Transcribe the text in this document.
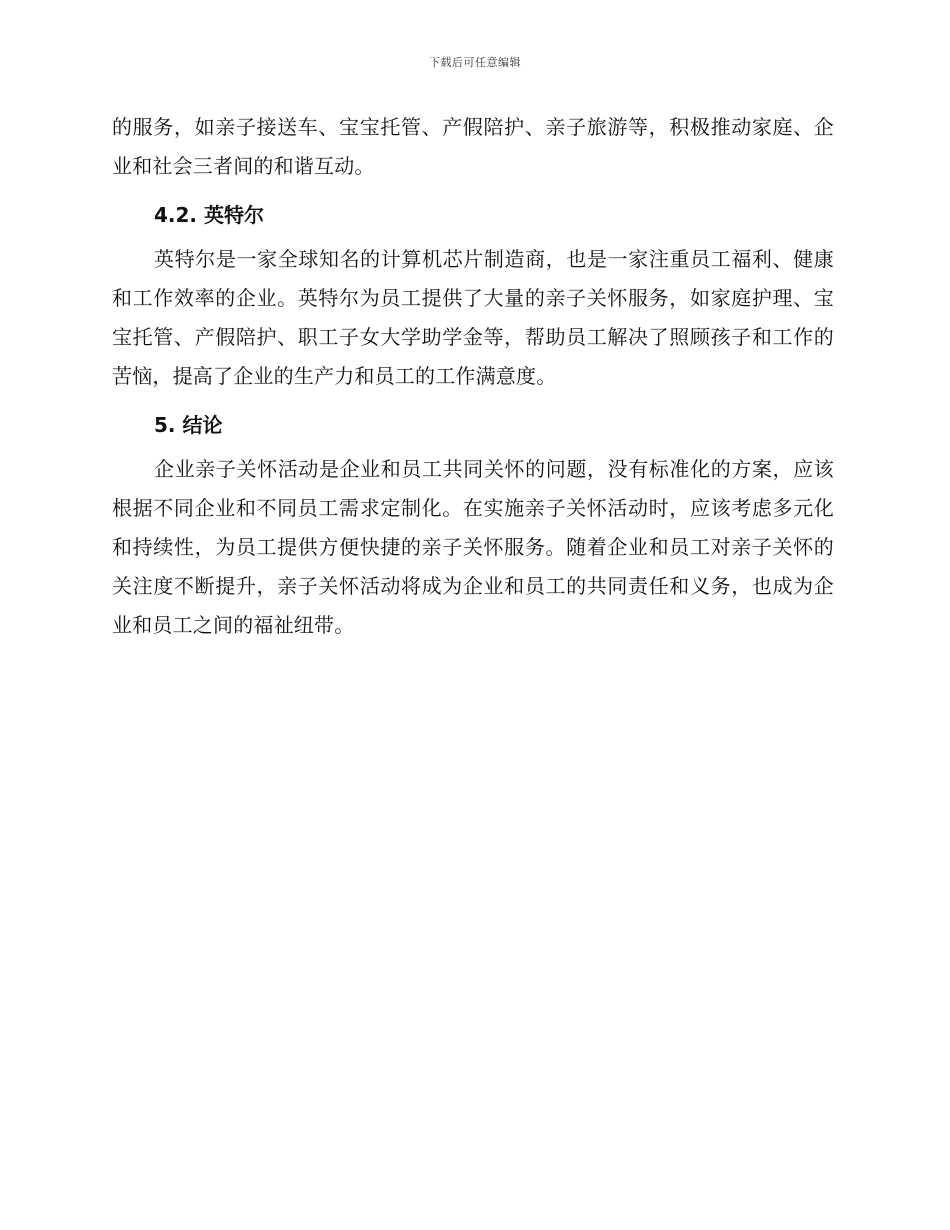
下载后可任意编辑

的服务，如亲子接送车、宝宝托管、产假陪护、亲子旅游等，积极推动家庭、企业和社会三者间的和谐互动。

4.2. 英特尔

英特尔是一家全球知名的计算机芯片制造商，也是一家注重员工福利、健康和工作效率的企业。英特尔为员工提供了大量的亲子关怀服务，如家庭护理、宝宝托管、产假陪护、职工子女大学助学金等，帮助员工解决了照顾孩子和工作的苦恼，提高了企业的生产力和员工的工作满意度。

5. 结论

企业亲子关怀活动是企业和员工共同关怀的问题，没有标准化的方案，应该根据不同企业和不同员工需求定制化。在实施亲子关怀活动时，应该考虑多元化和持续性，为员工提供方便快捷的亲子关怀服务。随着企业和员工对亲子关怀的关注度不断提升，亲子关怀活动将成为企业和员工的共同责任和义务，也成为企业和员工之间的福祉纽带。
